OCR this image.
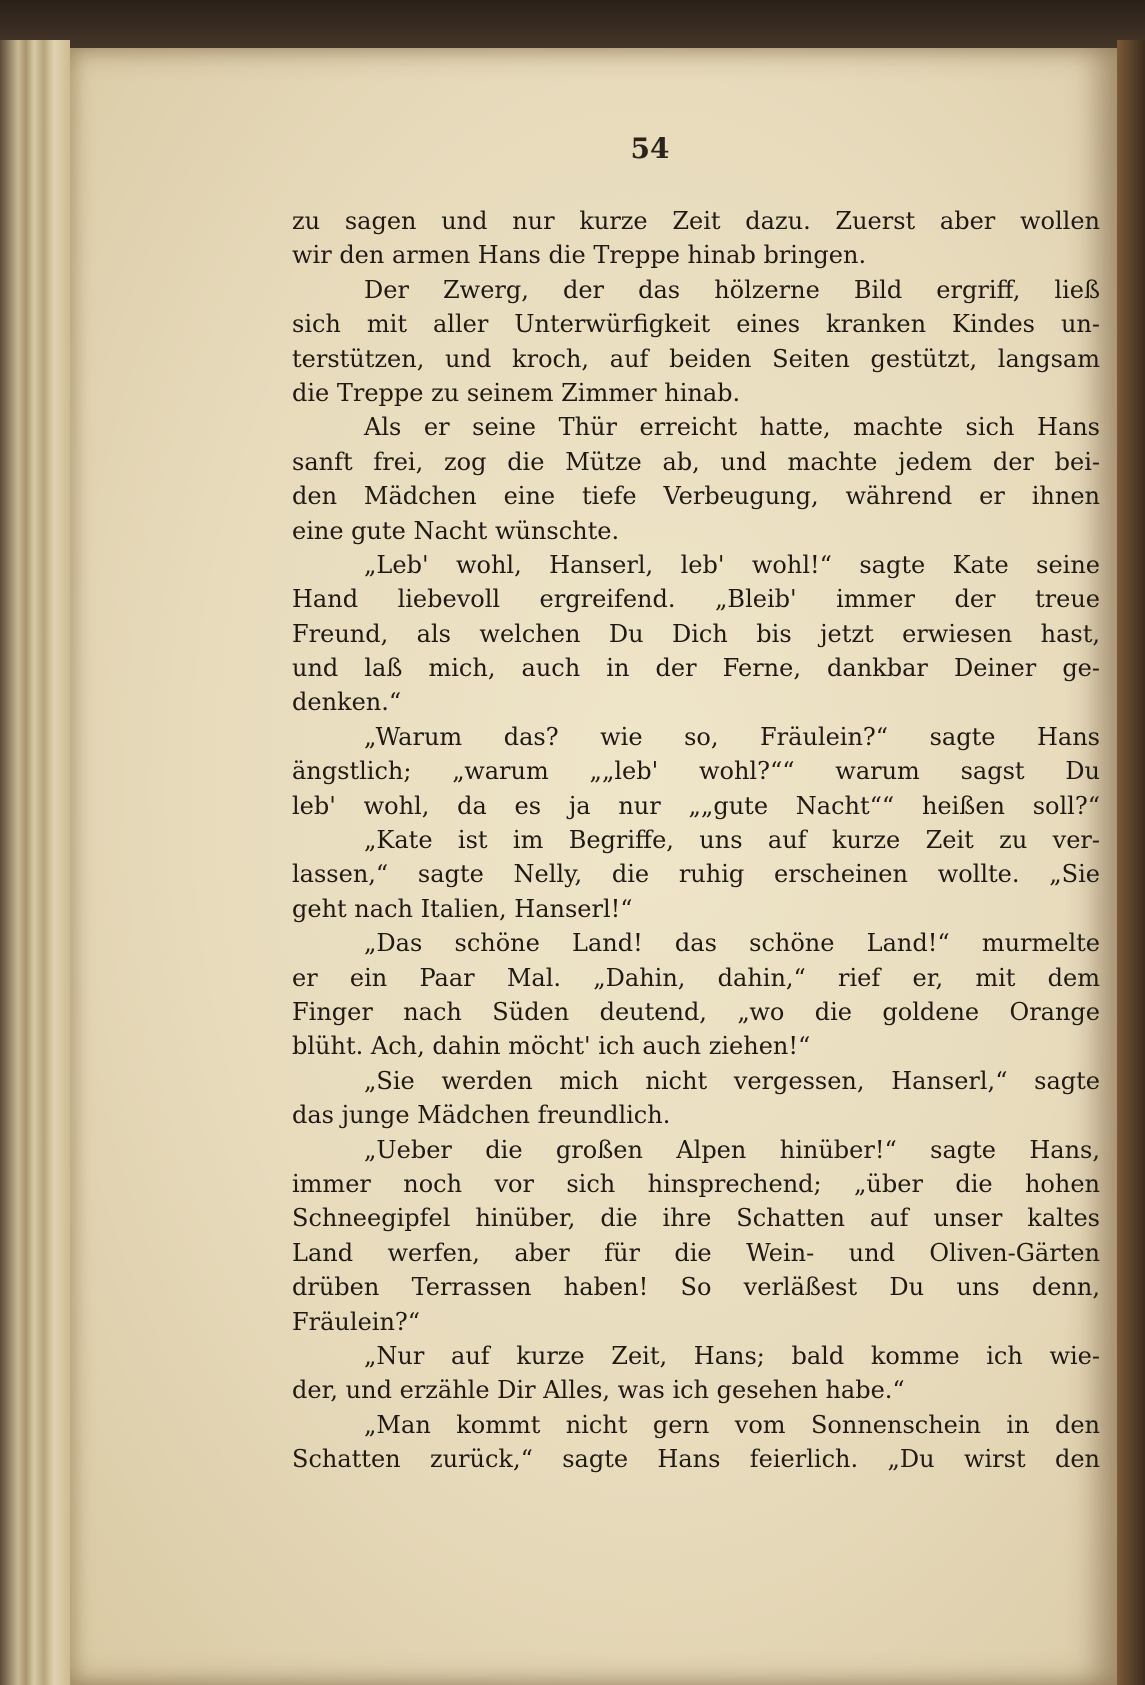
54
zu sagen und nur kurze Zeit dazu. Zuerst aber wollen
wir den armen Hans die Treppe hinab bringen.
Der Zwerg, der das hölzerne Bild ergriff, ließ
sich mit aller Unterwürfigkeit eines kranken Kindes un-
terstützen, und kroch, auf beiden Seiten gestützt, langsam
die Treppe zu seinem Zimmer hinab.
Als er seine Thür erreicht hatte, machte sich Hans
sanft frei, zog die Mütze ab, und machte jedem der bei-
den Mädchen eine tiefe Verbeugung, während er ihnen
eine gute Nacht wünschte.
„Leb' wohl, Hanserl, leb' wohl!“ sagte Kate seine
Hand liebevoll ergreifend. „Bleib' immer der treue
Freund, als welchen Du Dich bis jetzt erwiesen hast,
und laß mich, auch in der Ferne, dankbar Deiner ge-
denken.“
„Warum das? wie so, Fräulein?“ sagte Hans
ängstlich; „warum „„leb' wohl?““ warum sagst Du
leb' wohl, da es ja nur „„gute Nacht““ heißen soll?“
„Kate ist im Begriffe, uns auf kurze Zeit zu ver-
lassen,“ sagte Nelly, die ruhig erscheinen wollte. „Sie
geht nach Italien, Hanserl!“
„Das schöne Land! das schöne Land!“ murmelte
er ein Paar Mal. „Dahin, dahin,“ rief er, mit dem
Finger nach Süden deutend, „wo die goldene Orange
blüht. Ach, dahin möcht' ich auch ziehen!“
„Sie werden mich nicht vergessen, Hanserl,“ sagte
das junge Mädchen freundlich.
„Ueber die großen Alpen hinüber!“ sagte Hans,
immer noch vor sich hinsprechend; „über die hohen
Schneegipfel hinüber, die ihre Schatten auf unser kaltes
Land werfen, aber für die Wein- und Oliven-Gärten
drüben Terrassen haben! So verläßest Du uns denn,
Fräulein?“
„Nur auf kurze Zeit, Hans; bald komme ich wie-
der, und erzähle Dir Alles, was ich gesehen habe.“
„Man kommt nicht gern vom Sonnenschein in den
Schatten zurück,“ sagte Hans feierlich. „Du wirst den
